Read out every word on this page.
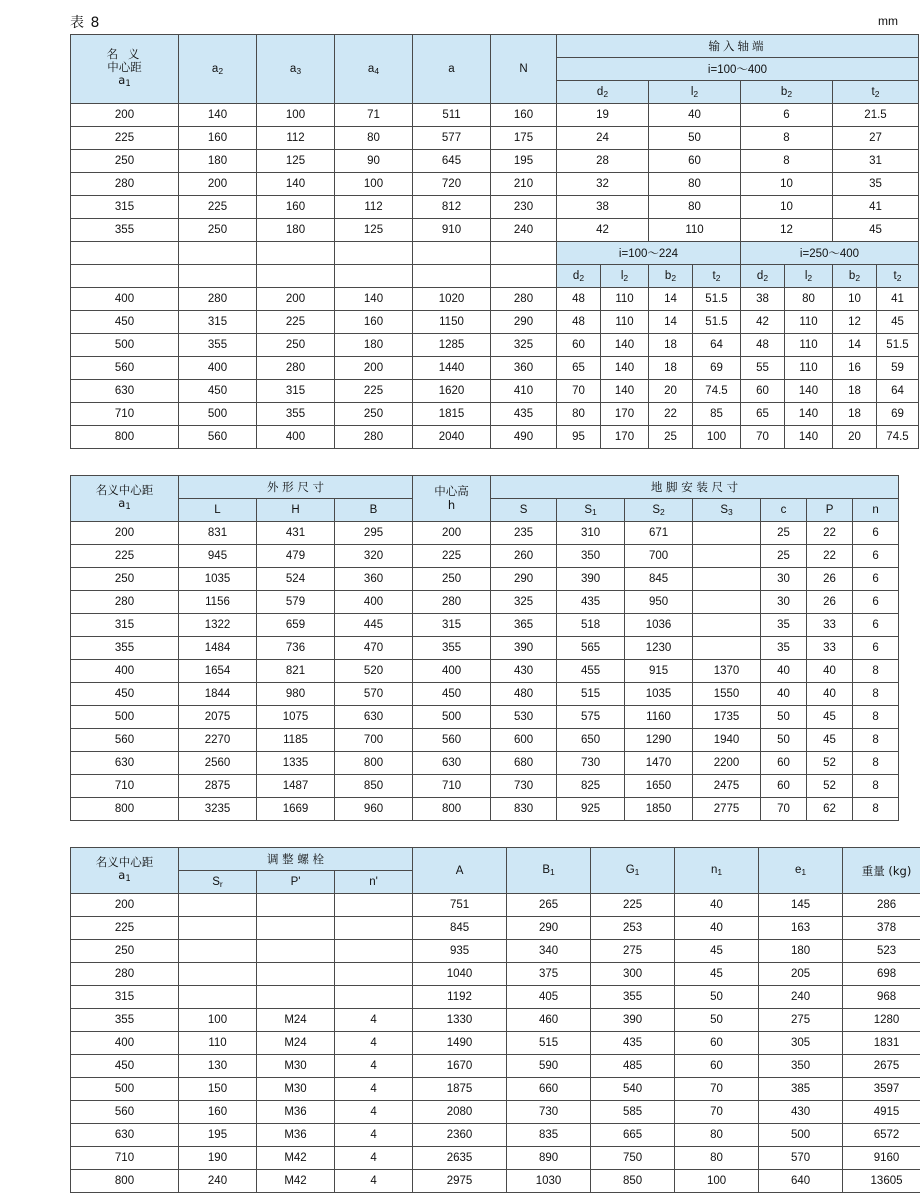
表 8	mm
名 义
中心距
$a_1$	$a_2$	$a_3$	$a_4$	a	N	输入轴端							
						i=100～400							
						$d_2$		$l_2$		$b_2$		$t_2$
200	140	100	71	511	160	19		40		6		21.5	
225	160	112	80	577	175	24		50		8		27	
250	180	125	90	645	195	28		60		8		31	
280	200	140	100	720	210	32		80		10		35	
315	225	160	112	812	230	38		80		10		41	
355	250	180	125	910	240	42		110		12		45	
						i=100～224				i=250～400			
						$d_2$	$l_2$	$b_2$	$t_2$	$d_2$	$l_2$	$b_2$	$t_2$
400	280	200	140	1020	280	48	110	14	51.5	38	80	10	41
450	315	225	160	1150	290	48	110	14	51.5	42	110	12	45
500	355	250	180	1285	325	60	140	18	64	48	110	14	51.5
560	400	280	200	1440	360	65	140	18	69	55	110	16	59
630	450	315	225	1620	410	70	140	20	74.5	60	140	18	64
710	500	355	250	1815	435	80	170	22	85	65	140	18	69
800	560	400	280	2040	490	95	170	25	100	70	140	20	74.5
名义中心距
$a_1$
	外 形 尺 寸	中心高
h
	地 脚 安 装 尺 寸
	L	H	B		S	$S_1$	$S_2$	$S_3$	c	P	n
200	831	431	295	200	235	310	671		25	22	6
225	945	479	320	225	260	350	700		25	22	6
250	1035	524	360	250	290	390	845		30	26	6
280	1156	579	400	280	325	435	950		30	26	6
315	1322	659	445	315	365	518	1036		35	33	6
355	1484	736	470	355	390	565	1230		35	33	6
400	1654	821	520	400	430	455	915	1370	40	40	8
450	1844	980	570	450	480	515	1035	1550	40	40	8
500	2075	1075	630	500	530	575	1160	1735	50	45	8
560	2270	1185	700	560	600	650	1290	1940	50	45	8
630	2560	1335	800	630	680	730	1470	2200	60	52	8
710	2875	1487	850	710	730	825	1650	2475	60	52	8
800	3235	1669	960	800	830	925	1850	2775	70	62	8
名义中心距
$a_1$	调 整 螺 栓			A	$B_1$	$G_1$	$n_1$	$e_1$	重量 (kg)
	$S_r$	P'	n'						
200				751	265	225	40	145	286
225				845	290	253	40	163	378
250				935	340	275	45	180	523
280				1040	375	300	45	205	698
315				1192	405	355	50	240	968
355	100	M24	4	1330	460	390	50	275	1280
400	110	M24	4	1490	515	435	60	305	1831
450	130	M30	4	1670	590	485	60	350	2675
500	150	M30	4	1875	660	540	70	385	3597
560	160	M36	4	2080	730	585	70	430	4915
630	195	M36	4	2360	835	665	80	500	6572
710	190	M42	4	2635	890	750	80	570	9160
800	240	M42	4	2975	1030	850	100	640	13605
